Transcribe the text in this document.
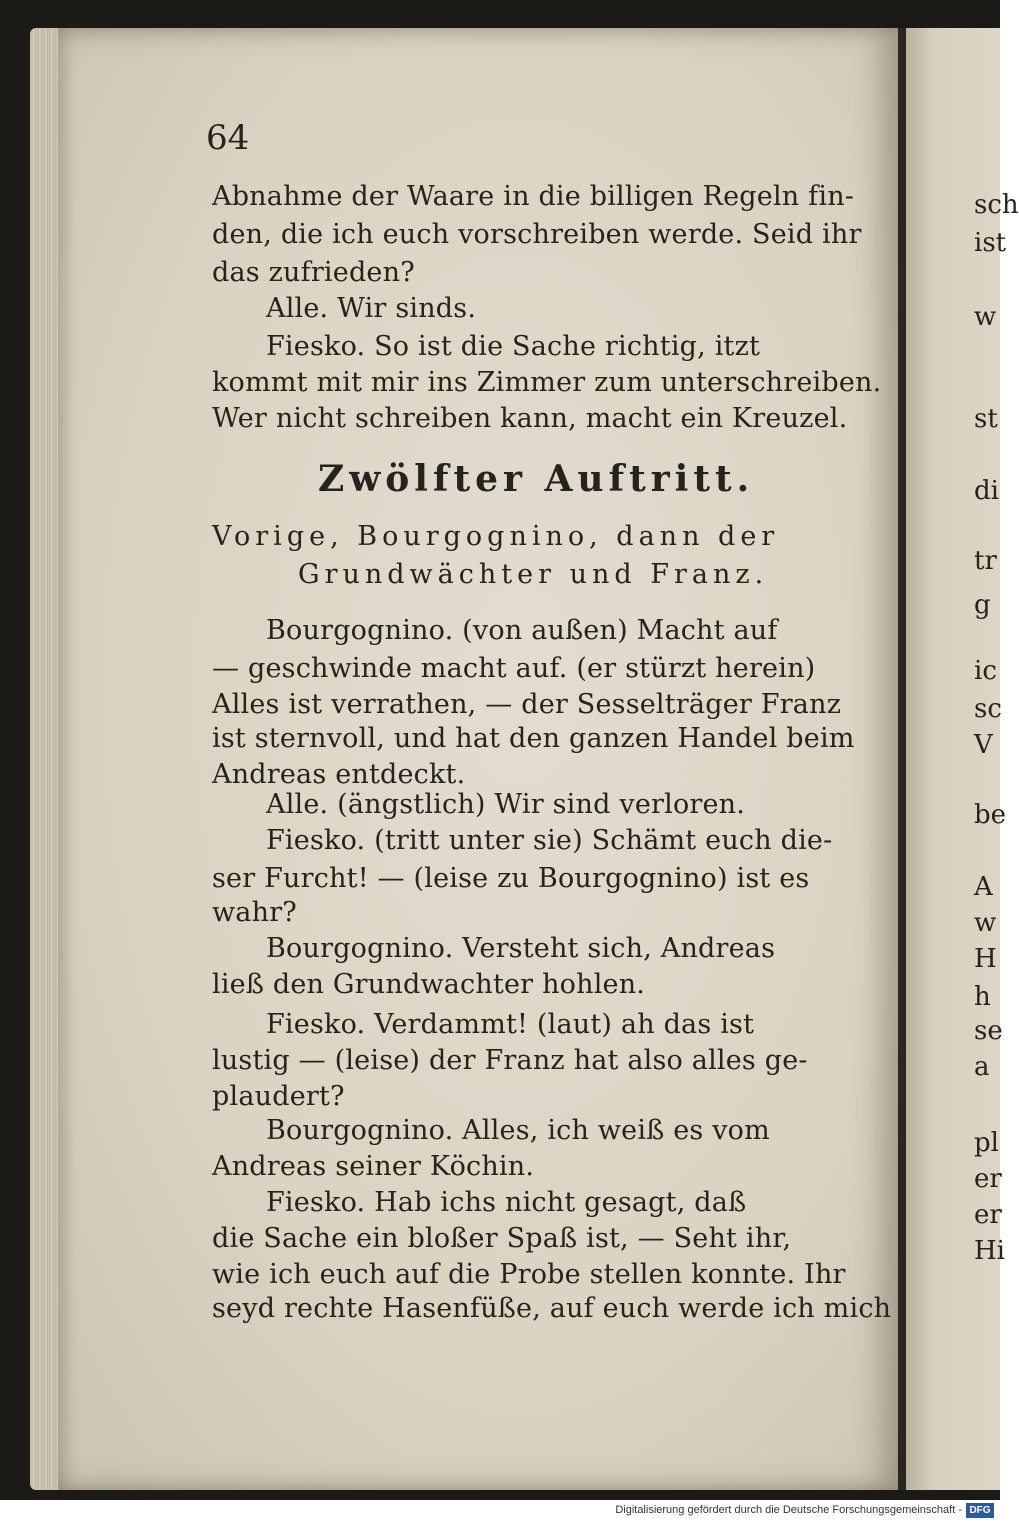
64
Abnahme der Waare in die billigen Regeln fin-
den, die ich euch vorschreiben werde. Seid ihr
das zufrieden?
Alle. Wir sinds.
Fiesko. So ist die Sache richtig, itzt
kommt mit mir ins Zimmer zum unterschreiben.
Wer nicht schreiben kann, macht ein Kreuzel.
Zwölfter Auftritt.
Vorige, Bourgognino, dann der
Grundwächter und Franz.
Bourgognino. (von außen) Macht auf
— geschwinde macht auf. (er stürzt herein)
Alles ist verrathen, — der Sesselträger Franz
ist sternvoll, und hat den ganzen Handel beim
Andreas entdeckt.
Alle. (ängstlich) Wir sind verloren.
Fiesko. (tritt unter sie) Schämt euch die-
ser Furcht! — (leise zu Bourgognino) ist es
wahr?
Bourgognino. Versteht sich, Andreas
ließ den Grundwachter hohlen.
Fiesko. Verdammt! (laut) ah das ist
lustig — (leise) der Franz hat also alles ge-
plaudert?
Bourgognino. Alles, ich weiß es vom
Andreas seiner Köchin.
Fiesko. Hab ichs nicht gesagt, daß
die Sache ein bloßer Spaß ist, — Seht ihr,
wie ich euch auf die Probe stellen konnte. Ihr
seyd rechte Hasenfüße, auf euch werde ich mich
sch
ist
w
st
di
tr
g
ic
sc
V
be
A
w
H
h
se
a
pl
er
er
Hi
Digitalisierung gefördert durch die Deutsche Forschungsgemeinschaft - DFG
